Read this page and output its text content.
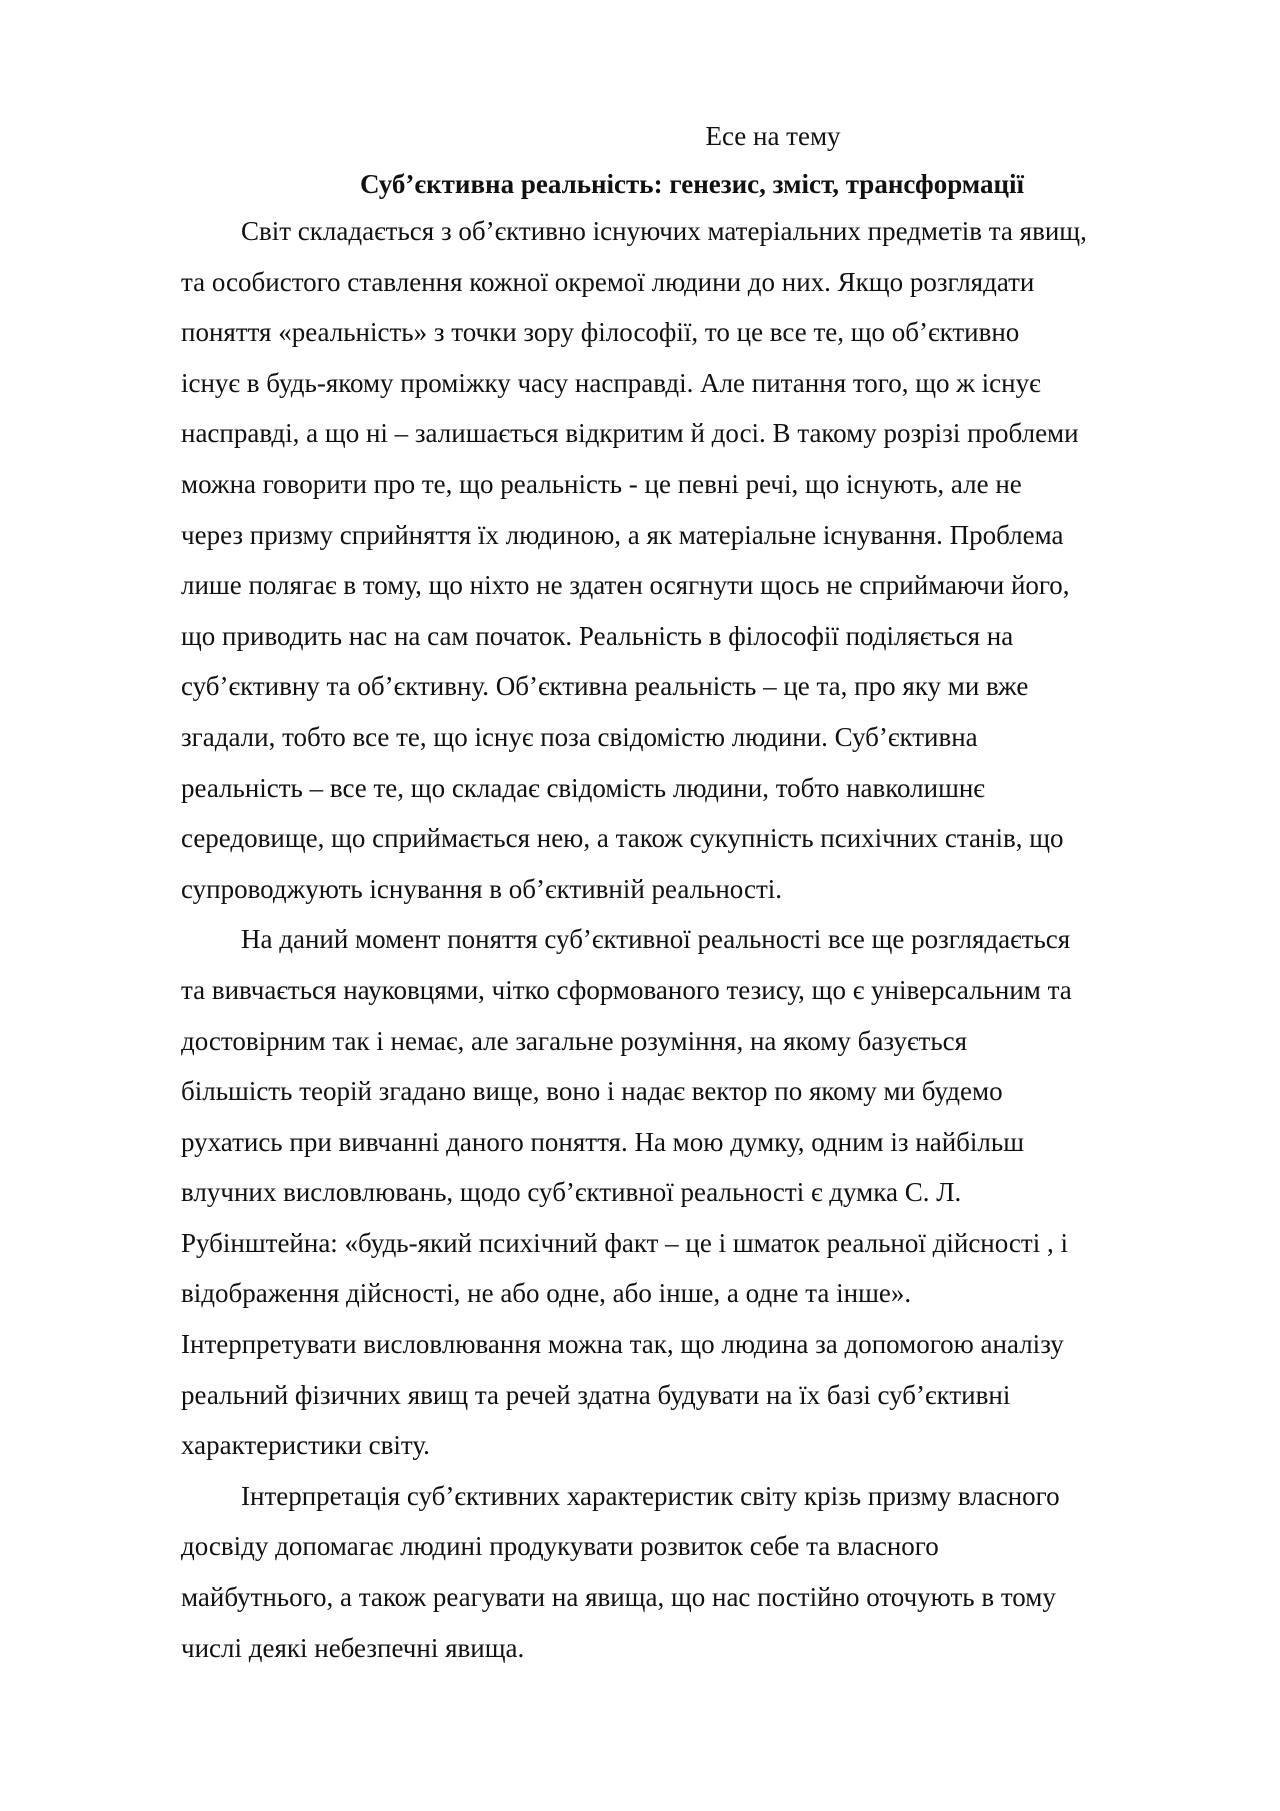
Есе на тему
Суб’єктивна реальність: генезис, зміст, трансформації
Світ складається з об’єктивно існуючих матеріальних предметів та явищ,
та особистого ставлення кожної окремої людини до них. Якщо розглядати
поняття «реальність» з точки зору філософії, то це все те, що об’єктивно
існує в будь-якому проміжку часу насправді. Але питання того, що ж існує
насправді, а що ні – залишається відкритим й досі. В такому розрізі проблеми
можна говорити про те, що реальність - це певні речі, що існують, але не
через призму сприйняття їх людиною, а як матеріальне існування. Проблема
лише полягає в тому, що ніхто не здатен осягнути щось не сприймаючи його,
що приводить нас на сам початок. Реальність в філософії поділяється на
суб’єктивну та об’єктивну. Об’єктивна реальність – це та, про яку ми вже
згадали, тобто все те, що існує поза свідомістю людини. Суб’єктивна
реальність – все те, що складає свідомість людини, тобто навколишнє
середовище, що сприймається нею, а також сукупність психічних станів, що
супроводжують існування в об’єктивній реальності.
На даний момент поняття суб’єктивної реальності все ще розглядається
та вивчається науковцями, чітко сформованого тезису, що є універсальним та
достовірним так і немає, але загальне розуміння, на якому базується
більшість теорій згадано вище, воно і надає вектор по якому ми будемо
рухатись при вивчанні даного поняття. На мою думку, одним із найбільш
влучних висловлювань, щодо суб’єктивної реальності є думка С. Л.
Рубінштейна: «будь-який психічний факт – це і шматок реальної дійсності , і
відображення дійсності, не або одне, або інше, а одне та інше».
Інтерпретувати висловлювання можна так, що людина за допомогою аналізу
реальний фізичних явищ та речей здатна будувати на їх базі суб’єктивні
характеристики світу.
Інтерпретація суб’єктивних характеристик світу крізь призму власного
досвіду допомагає людині продукувати розвиток себе та власного
майбутнього, а також реагувати на явища, що нас постійно оточують в тому
числі деякі небезпечні явища.
